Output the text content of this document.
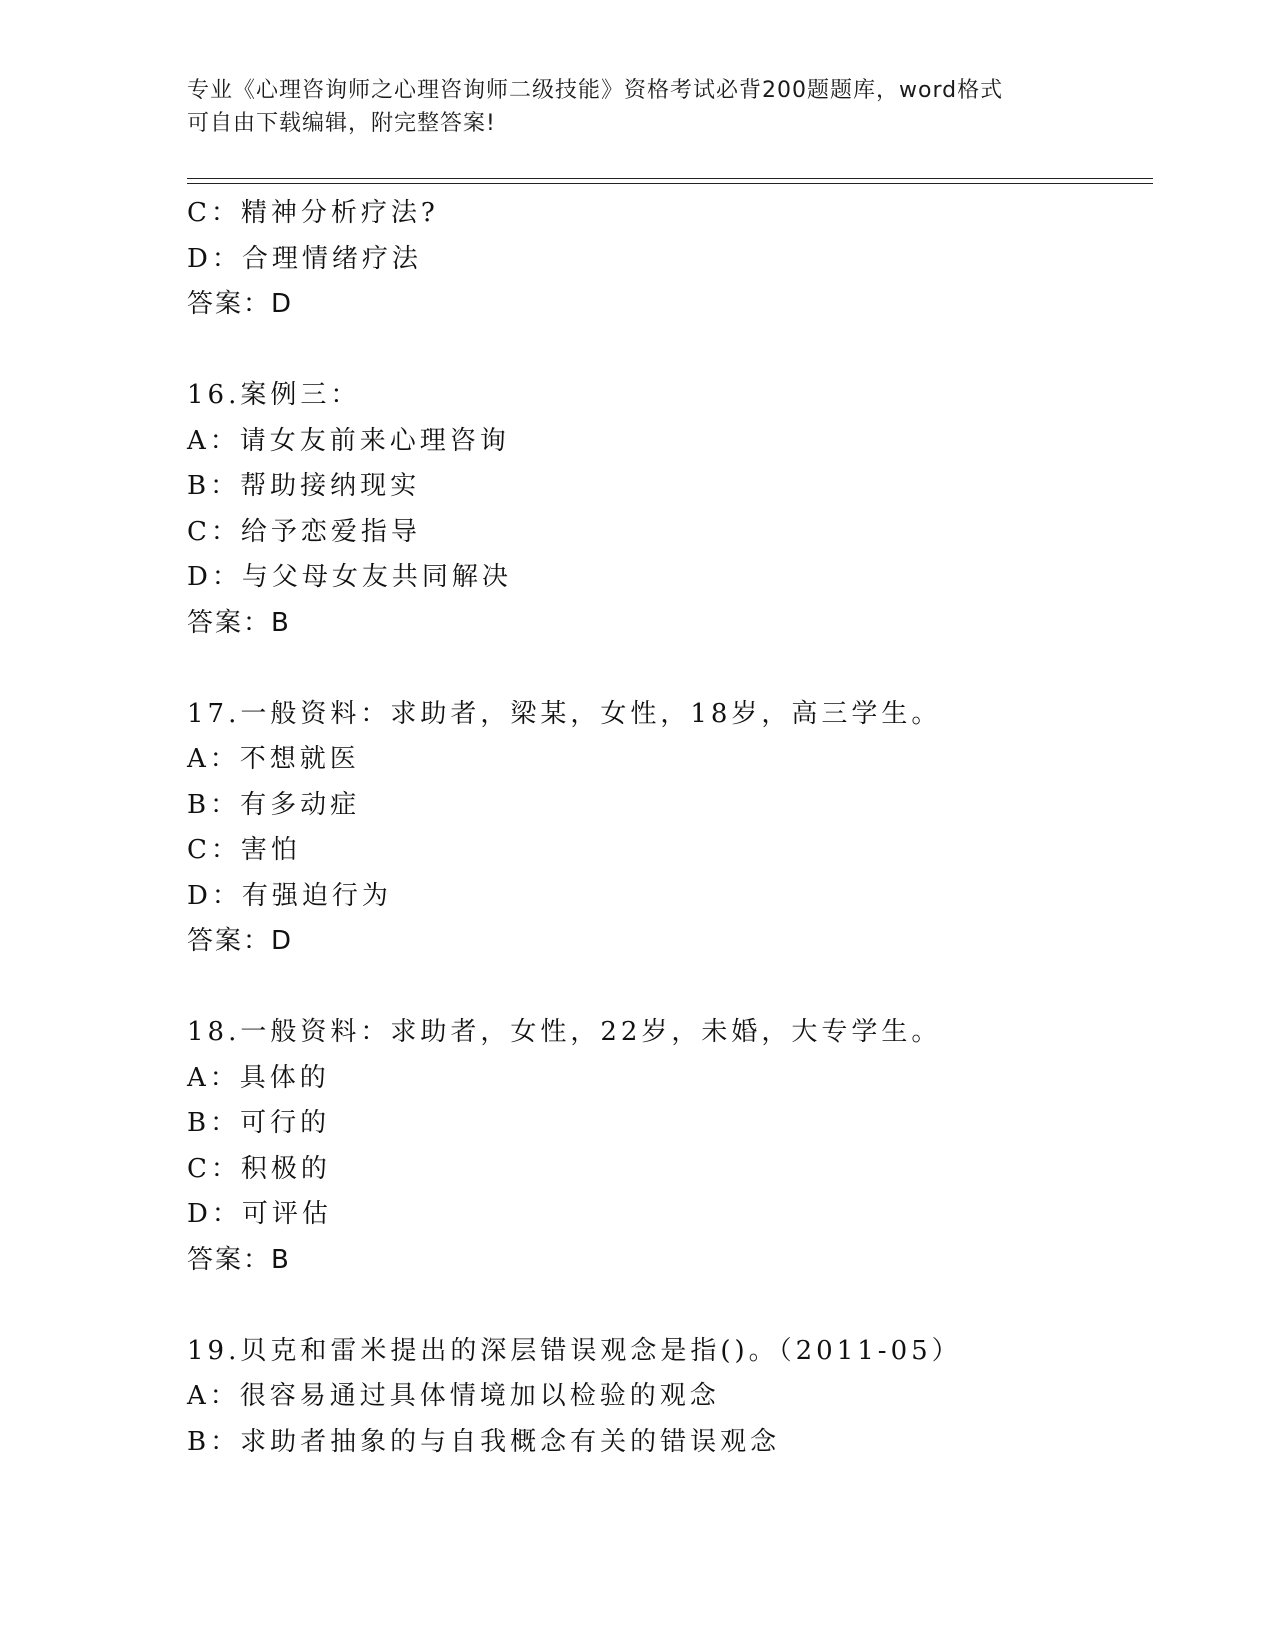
专业《心理咨询师之心理咨询师二级技能》资格考试必背200题题库，word格式
可自由下载编辑，附完整答案!
C：精神分析疗法?
D：合理情绪疗法
答案：D
16.案例三：
A：请女友前来心理咨询
B：帮助接纳现实
C：给予恋爱指导
D：与父母女友共同解决
答案：B
17.一般资料：求助者，梁某，女性，18岁，高三学生。
A：不想就医
B：有多动症
C：害怕
D：有强迫行为
答案：D
18.一般资料：求助者，女性，22岁，未婚，大专学生。
A：具体的
B：可行的
C：积极的
D：可评估
答案：B
19.贝克和雷米提出的深层错误观念是指()。（2011-05）
A：很容易通过具体情境加以检验的观念
B：求助者抽象的与自我概念有关的错误观念
